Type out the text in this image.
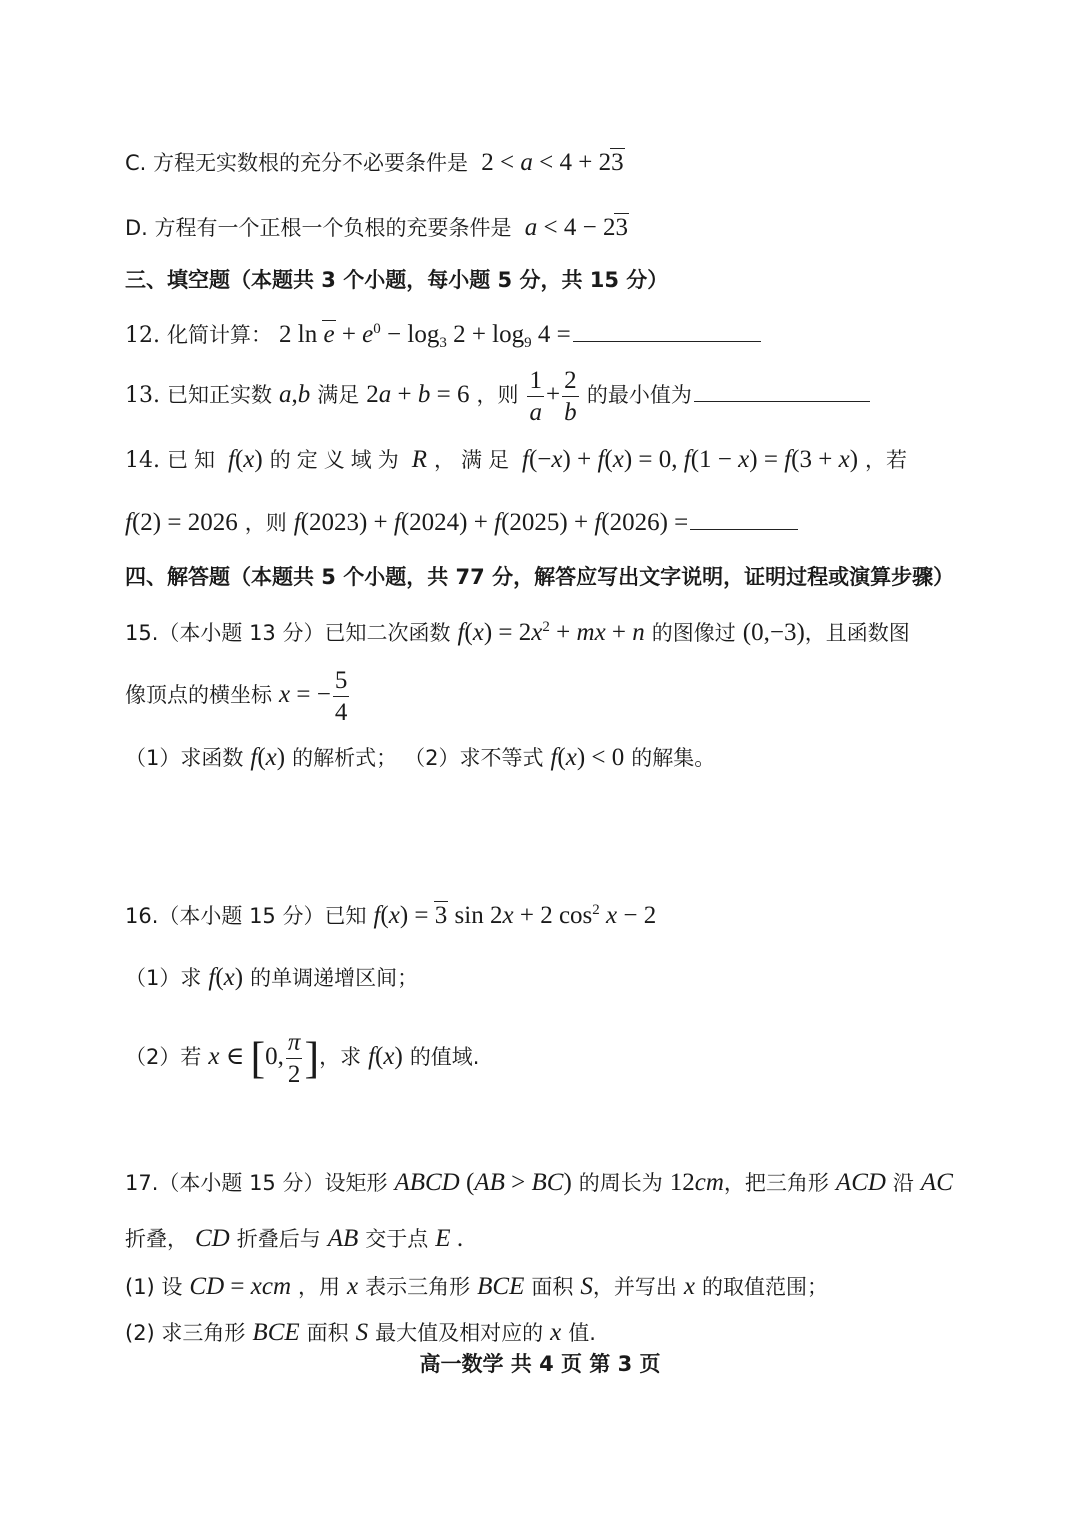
C. 方程无实数根的充分不必要条件是  2 < a < 4 + 23
D. 方程有一个正根一个负根的充要条件是 a < 4 − 23
三、填空题（本题共 3 个小题，每小题 5 分，共 15 分）
12. 化简计算： 2 $\ln e + e^0 - \log_3 2 + \log_9 4$ =
13. 已知正实数 a,b 满足 2a + b = 6 ，则 $\frac{1}{a} + \frac{2}{b}$ 的最小值为
14. 已知 f(x) 的定义域为 R ，满足 f(−x) + f(x) = 0, f(1 − x) = f(3 + x) ，若
f(2) = 2026 ，则 f(2023) + f(2024) + f(2025) + f(2026) =
四、解答题（本题共 5 个小题，共 77 分，解答应写出文字说明，证明过程或演算步骤）
15.（本小题 13 分）已知二次函数 $f(x) = 2x^2$ + mx + n 的图像过 (0,−3)，且函数图
像顶点的横坐标 x = − $\frac{5}{4}$
（1）求函数 f(x) 的解析式； （2）求不等式 f(x) < 0 的解集。
16.（本小题 15 分）已知 f(x) = 3 sin 2x + 2 $\cos^2 x - 2$
（1）求 f(x) 的单调递增区间；
（2）若 x ∈ [0, $\frac{\pi}{2}$ ]，求 f(x) 的值域.
17.（本小题 15 分）设矩形 ABCD (AB > BC) 的周长为 12cm，把三角形 ACD 沿 AC
折叠， CD 折叠后与 AB 交于点 E .
(1) 设 CD = xcm ，用 x 表示三角形 BCE 面积 S，并写出 x 的取值范围；
(2) 求三角形 BCE 面积 S 最大值及相对应的 x 值.
高一数学 共 4 页 第 3 页
